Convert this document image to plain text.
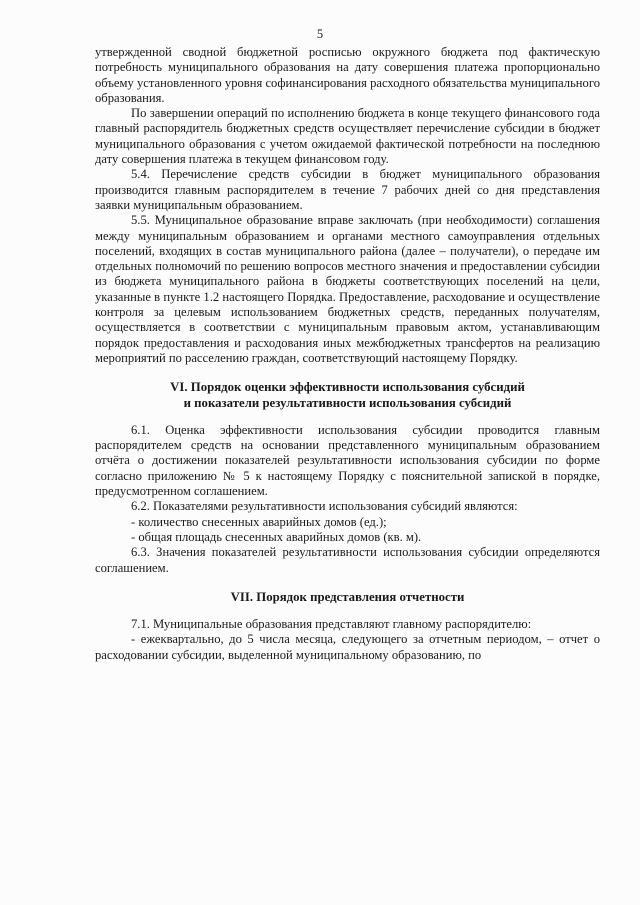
5

утвержденной сводной бюджетной росписью окружного бюджета под фактическую потребность муниципального образования на дату совершения платежа пропорционально объему установленного уровня софинансирования расходного обязательства муниципального образования.

По завершении операций по исполнению бюджета в конце текущего финансового года главный распорядитель бюджетных средств осуществляет перечисление субсидии в бюджет муниципального образования с учетом ожидаемой фактической потребности на последнюю дату совершения платежа в текущем финансовом году.

5.4. Перечисление средств субсидии в бюджет муниципального образования производится главным распорядителем в течение 7 рабочих дней со дня представления заявки муниципальным образованием.

5.5. Муниципальное образование вправе заключать (при необходимости) соглашения между муниципальным образованием и органами местного самоуправления отдельных поселений, входящих в состав муниципального района (далее – получатели), о передаче им отдельных полномочий по решению вопросов местного значения и предоставлении субсидии из бюджета муниципального района в бюджеты соответствующих поселений на цели, указанные в пункте 1.2 настоящего Порядка. Предоставление, расходование и осуществление контроля за целевым использованием бюджетных средств, переданных получателям, осуществляется в соответствии с муниципальным правовым актом, устанавливающим порядок предоставления и расходования иных межбюджетных трансфертов на реализацию мероприятий по расселению граждан, соответствующий настоящему Порядку.

VI. Порядок оценки эффективности использования субсидий

и показатели результативности использования субсидий

6.1. Оценка эффективности использования субсидии проводится главным распорядителем средств на основании представленного муниципальным образованием отчёта о достижении показателей результативности использования субсидии по форме согласно приложению № 5 к настоящему Порядку с пояснительной запиской в порядке, предусмотренном соглашением.

6.2. Показателями результативности использования субсидий являются:

- количество снесенных аварийных домов (ед.);

- общая площадь снесенных аварийных домов (кв. м).

6.3. Значения показателей результативности использования субсидии определяются соглашением.

VII. Порядок представления отчетности

7.1. Муниципальные образования представляют главному распорядителю:

- ежеквартально, до 5 числа месяца, следующего за отчетным периодом, – отчет о расходовании субсидии, выделенной муниципальному образованию, по
